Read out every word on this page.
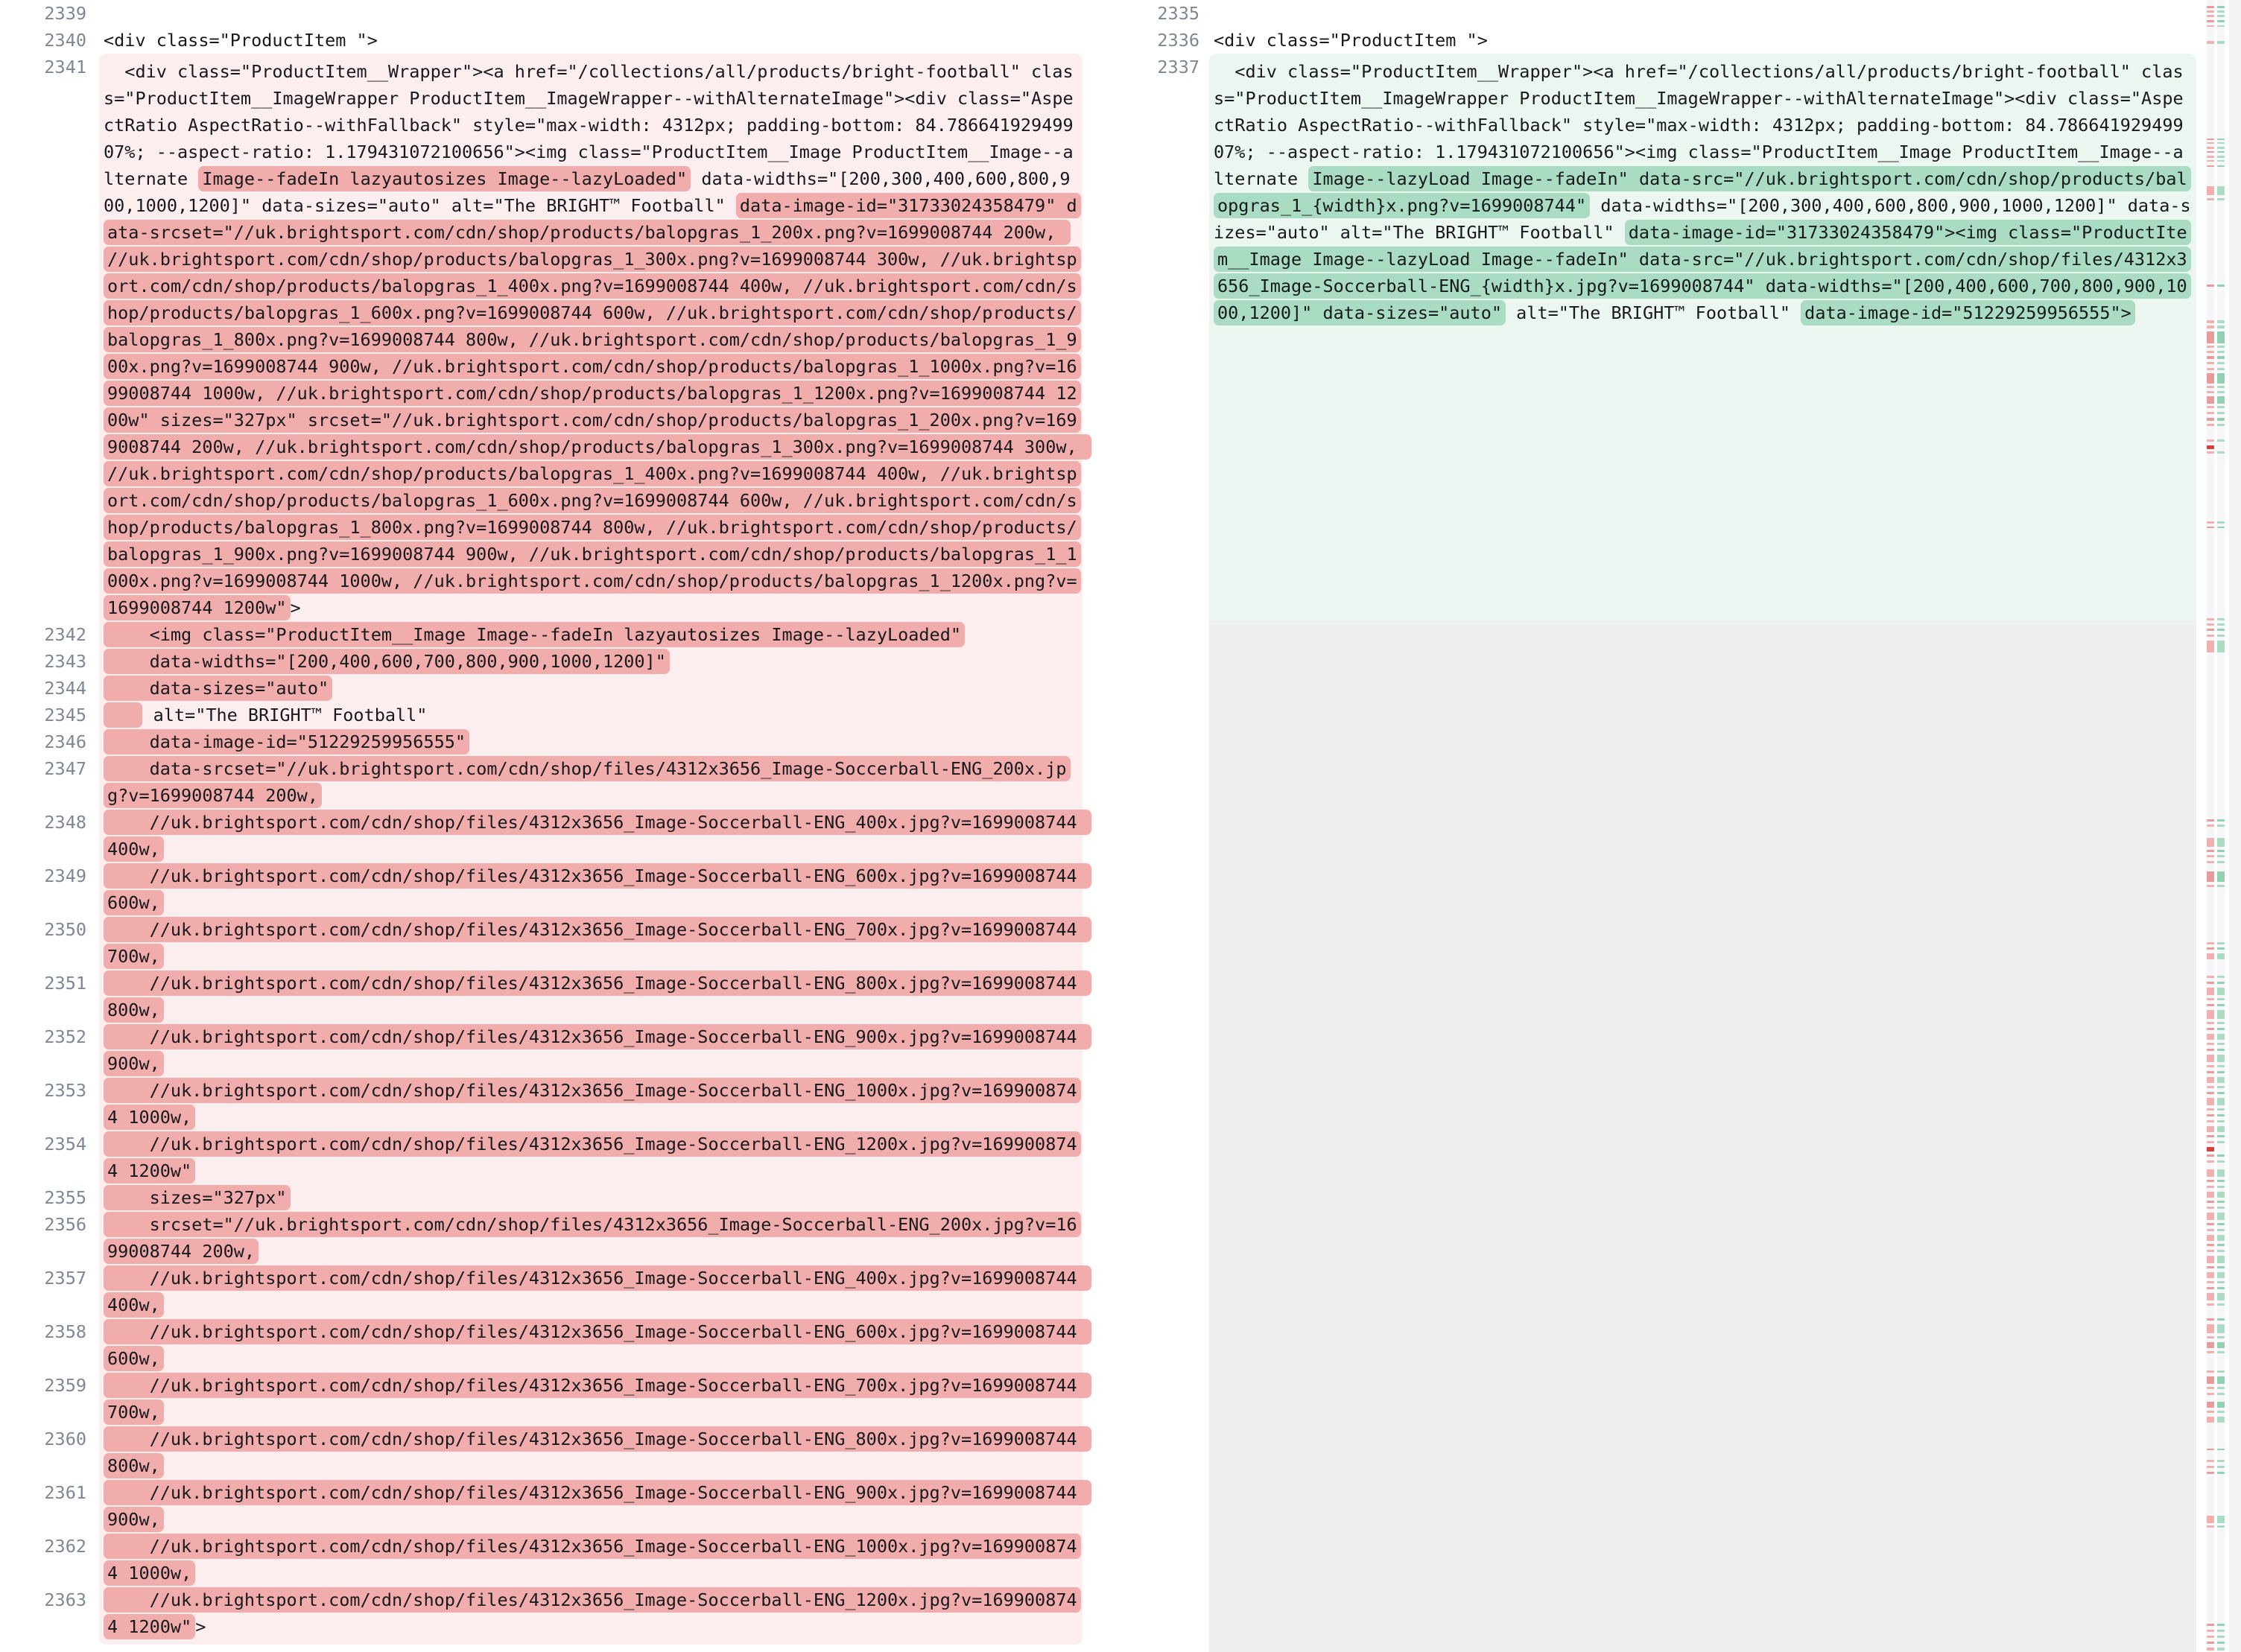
2339
2340 <div class="ProductItem ">
2341 <div class="ProductItem__Wrapper"><a href="/collections/all/products/bright-football" class="ProductItem__ImageWrapper ProductItem__ImageWrapper--withAlternateImage"><div class="AspectRatio AspectRatio--withFallback" style="max-width: 4312px; padding-bottom: 84.78664192949907%; --aspect-ratio: 1.179431072100656"><img class="ProductItem__Image ProductItem__Image--alternate Image--fadeIn lazyautosizes Image--lazyLoaded" data-widths="[200,300,400,600,800,900,1000,1200]" data-sizes="auto" alt="The BRIGHT™ Football" data-image-id="31733024358479" data-srcset="//uk.brightsport.com/cdn/shop/products/balopgras_1_200x.png?v=1699008744 200w, //uk.brightsport.com/cdn/shop/products/balopgras_1_300x.png?v=1699008744 300w, //uk.brightsport.com/cdn/shop/products/balopgras_1_400x.png?v=1699008744 400w, //uk.brightsport.com/cdn/shop/products/balopgras_1_600x.png?v=1699008744 600w, //uk.brightsport.com/cdn/shop/products/balopgras_1_800x.png?v=1699008744 800w, //uk.brightsport.com/cdn/shop/products/balopgras_1_900x.png?v=1699008744 900w, //uk.brightsport.com/cdn/shop/products/balopgras_1_1000x.png?v=1699008744 1000w, //uk.brightsport.com/cdn/shop/products/balopgras_1_1200x.png?v=1699008744 1200w" sizes="327px" srcset="//uk.brightsport.com/cdn/shop/products/balopgras_1_200x.png?v=1699008744 200w, //uk.brightsport.com/cdn/shop/products/balopgras_1_300x.png?v=1699008744 300w, //uk.brightsport.com/cdn/shop/products/balopgras_1_400x.png?v=1699008744 400w, //uk.brightsport.com/cdn/shop/products/balopgras_1_600x.png?v=1699008744 600w, //uk.brightsport.com/cdn/shop/products/balopgras_1_800x.png?v=1699008744 800w, //uk.brightsport.com/cdn/shop/products/balopgras_1_900x.png?v=1699008744 900w, //uk.brightsport.com/cdn/shop/products/balopgras_1_1000x.png?v=1699008744 1000w, //uk.brightsport.com/cdn/shop/products/balopgras_1_1200x.png?v=1699008744 1200w" >
2342	<img class="ProductItem__Image Image--fadeIn lazyautosizes Image--lazyLoaded"
2343	data-widths="[200,400,600,700,800,900,1000,1200]"
2344	data-sizes="auto"
2345	alt="The BRIGHT™ Football"
2346	data-image-id="51229259956555"
2347	data-srcset="//uk.brightsport.com/cdn/shop/files/4312x3656_Image-Soccerball-ENG_200x.jpg?v=1699008744 200w,
2348	//uk.brightsport.com/cdn/shop/files/4312x3656_Image-Soccerball-ENG_400x.jpg?v=1699008744 400w,
2349	//uk.brightsport.com/cdn/shop/files/4312x3656_Image-Soccerball-ENG_600x.jpg?v=1699008744 600w,
2350	//uk.brightsport.com/cdn/shop/files/4312x3656_Image-Soccerball-ENG_700x.jpg?v=1699008744 700w,
2351	//uk.brightsport.com/cdn/shop/files/4312x3656_Image-Soccerball-ENG_800x.jpg?v=1699008744 800w,
2352	//uk.brightsport.com/cdn/shop/files/4312x3656_Image-Soccerball-ENG_900x.jpg?v=1699008744 900w,
2353	//uk.brightsport.com/cdn/shop/files/4312x3656_Image-Soccerball-ENG_1000x.jpg?v=1699008744 1000w,
2354	//uk.brightsport.com/cdn/shop/files/4312x3656_Image-Soccerball-ENG_1200x.jpg?v=1699008744 1200w"
2355	sizes="327px"
2356	srcset="//uk.brightsport.com/cdn/shop/files/4312x3656_Image-Soccerball-ENG_200x.jpg?v=1699008744 200w,
2357	//uk.brightsport.com/cdn/shop/files/4312x3656_Image-Soccerball-ENG_400x.jpg?v=1699008744 400w,
2358	//uk.brightsport.com/cdn/shop/files/4312x3656_Image-Soccerball-ENG_600x.jpg?v=1699008744 600w,
2359	//uk.brightsport.com/cdn/shop/files/4312x3656_Image-Soccerball-ENG_700x.jpg?v=1699008744 700w,
2360	//uk.brightsport.com/cdn/shop/files/4312x3656_Image-Soccerball-ENG_800x.jpg?v=1699008744 800w,
2361	//uk.brightsport.com/cdn/shop/files/4312x3656_Image-Soccerball-ENG_900x.jpg?v=1699008744 900w,
2362	//uk.brightsport.com/cdn/shop/files/4312x3656_Image-Soccerball-ENG_1000x.jpg?v=1699008744 1000w,
2363	//uk.brightsport.com/cdn/shop/files/4312x3656_Image-Soccerball-ENG_1200x.jpg?v=1699008744 1200w" >
2335
2336 <div class="ProductItem ">
2337 <div class="ProductItem__Wrapper"><a href="/collections/all/products/bright-football" class="ProductItem__ImageWrapper ProductItem__ImageWrapper--withAlternateImage"><div class="AspectRatio AspectRatio--withFallback" style="max-width: 4312px; padding-bottom: 84.78664192949907%; --aspect-ratio: 1.179431072100656"><img class="ProductItem__Image ProductItem__Image--alternate Image--lazyLoad Image--fadeIn" data-src="//uk.brightsport.com/cdn/shop/products/balopgras_1_{width}x.png?v=1699008744" data-widths="[200,300,400,600,800,900,1000,1200]" data-sizes="auto" alt="The BRIGHT™ Football" data-image-id="31733024358479"><img class="ProductItem__Image Image--lazyLoad Image--fadeIn" data-src="//uk.brightsport.com/cdn/shop/files/4312x3656_Image-Soccerball-ENG_{width}x.jpg?v=1699008744" data-widths="[200,400,600,700,800,900,1000,1200]" data-sizes="auto" alt="The BRIGHT™ Football" data-image-id="51229259956555">
